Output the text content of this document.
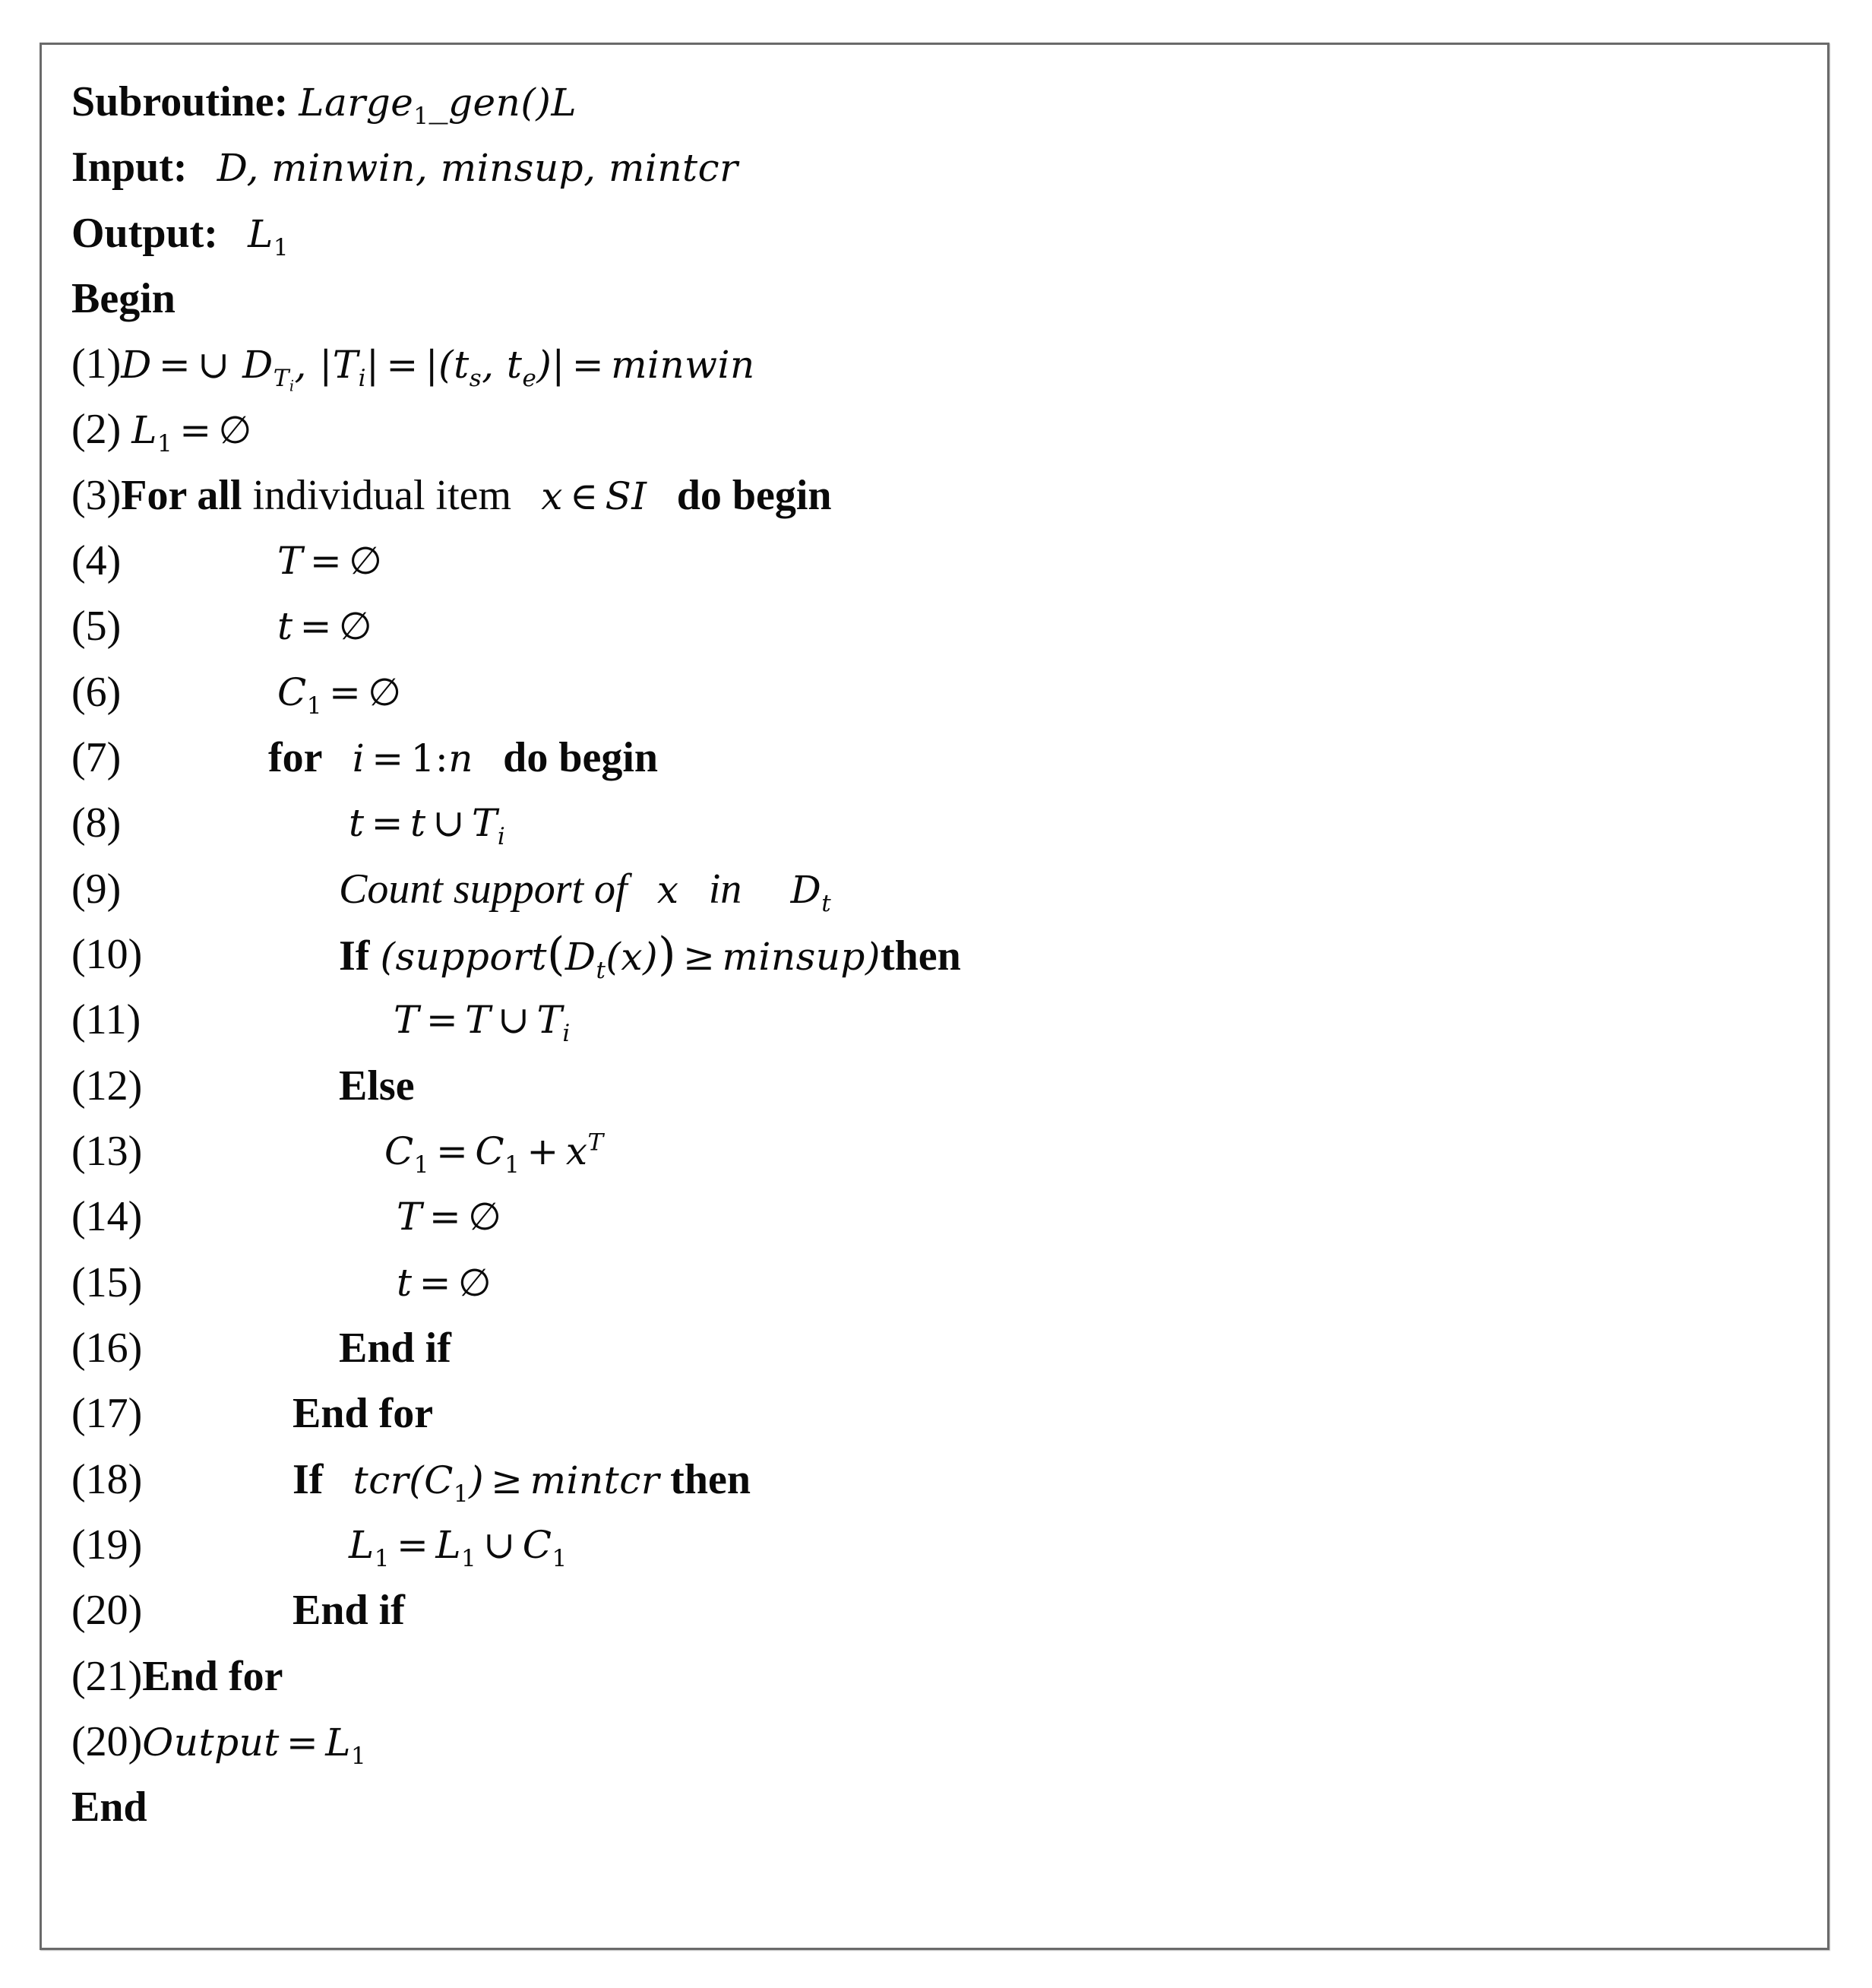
Subroutine: Large$_1$_gen()L
Input: D, minwin, minsup, mintcr
Output: $L_1$
Begin
(1)D = ∪ $D_{T_i}$, $|T_i| = |(t_s$, $t_e)|$ = minwin
(2) $L_1$ = ∅
(3)For all individual item x ∈ SI do begin
(4)	T = ∅
(5)	t = ∅
(6)	$C_1$ = ∅
(7)	for i = 1:n do begin
(8)	t = t ∪ $T_i$
(9)	Count support of x in $D_t$
(10)	If ($support(D_t(x))$ ≥ minsup)then
(11)	T = T ∪ $T_i$
(12)	Else
(13)	$C_1 = C_1 + x^T$
(14)	T = ∅
(15)	t = ∅
(16)	End if
(17)	End for
(18)	If $tcr(C_1)$ ≥ mintcr then
(19)	$L_1 = L_1$ ∪ $C_1$
(20)	End if
(21)End for
(20)Output = $L_1$
End
